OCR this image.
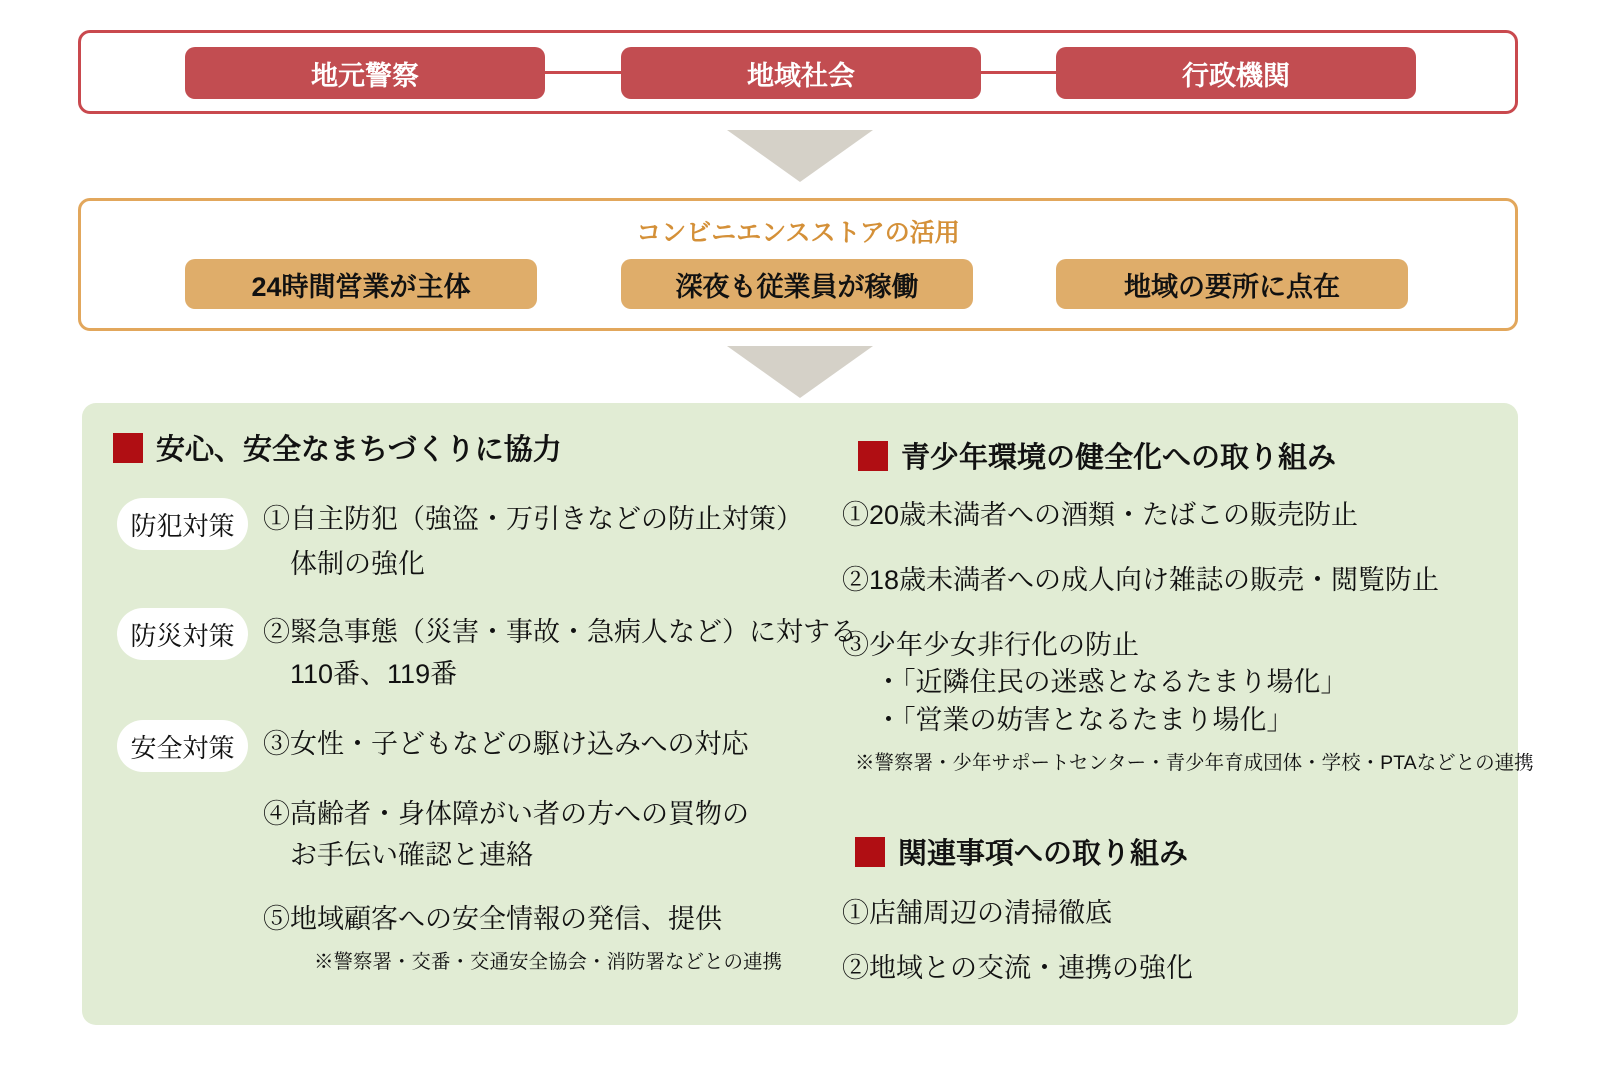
地元警察	地域社会	行政機関
コンビニエンスストアの活用
24時間営業が主体	深夜も従業員が稼働	地域の要所に点在
安心、安全なまちづくりに協力
防犯対策
防災対策
安全対策
①自主防犯（強盗・万引きなどの防止対策）
体制の強化
②緊急事態（災害・事故・急病人など）に対する
110番、119番
③女性・子どもなどの駆け込みへの対応
④高齢者・身体障がい者の方への買物の
お手伝い確認と連絡
⑤地域顧客への安全情報の発信、提供
※警察署・交番・交通安全協会・消防署などとの連携
青少年環境の健全化への取り組み
①20歳未満者への酒類・たばこの販売防止
②18歳未満者への成人向け雑誌の販売・閲覧防止
③少年少女非行化の防止
・「近隣住民の迷惑となるたまり場化」
・「営業の妨害となるたまり場化」
※警察署・少年サポートセンター・青少年育成団体・学校・PTAなどとの連携
関連事項への取り組み
①店舗周辺の清掃徹底
②地域との交流・連携の強化
